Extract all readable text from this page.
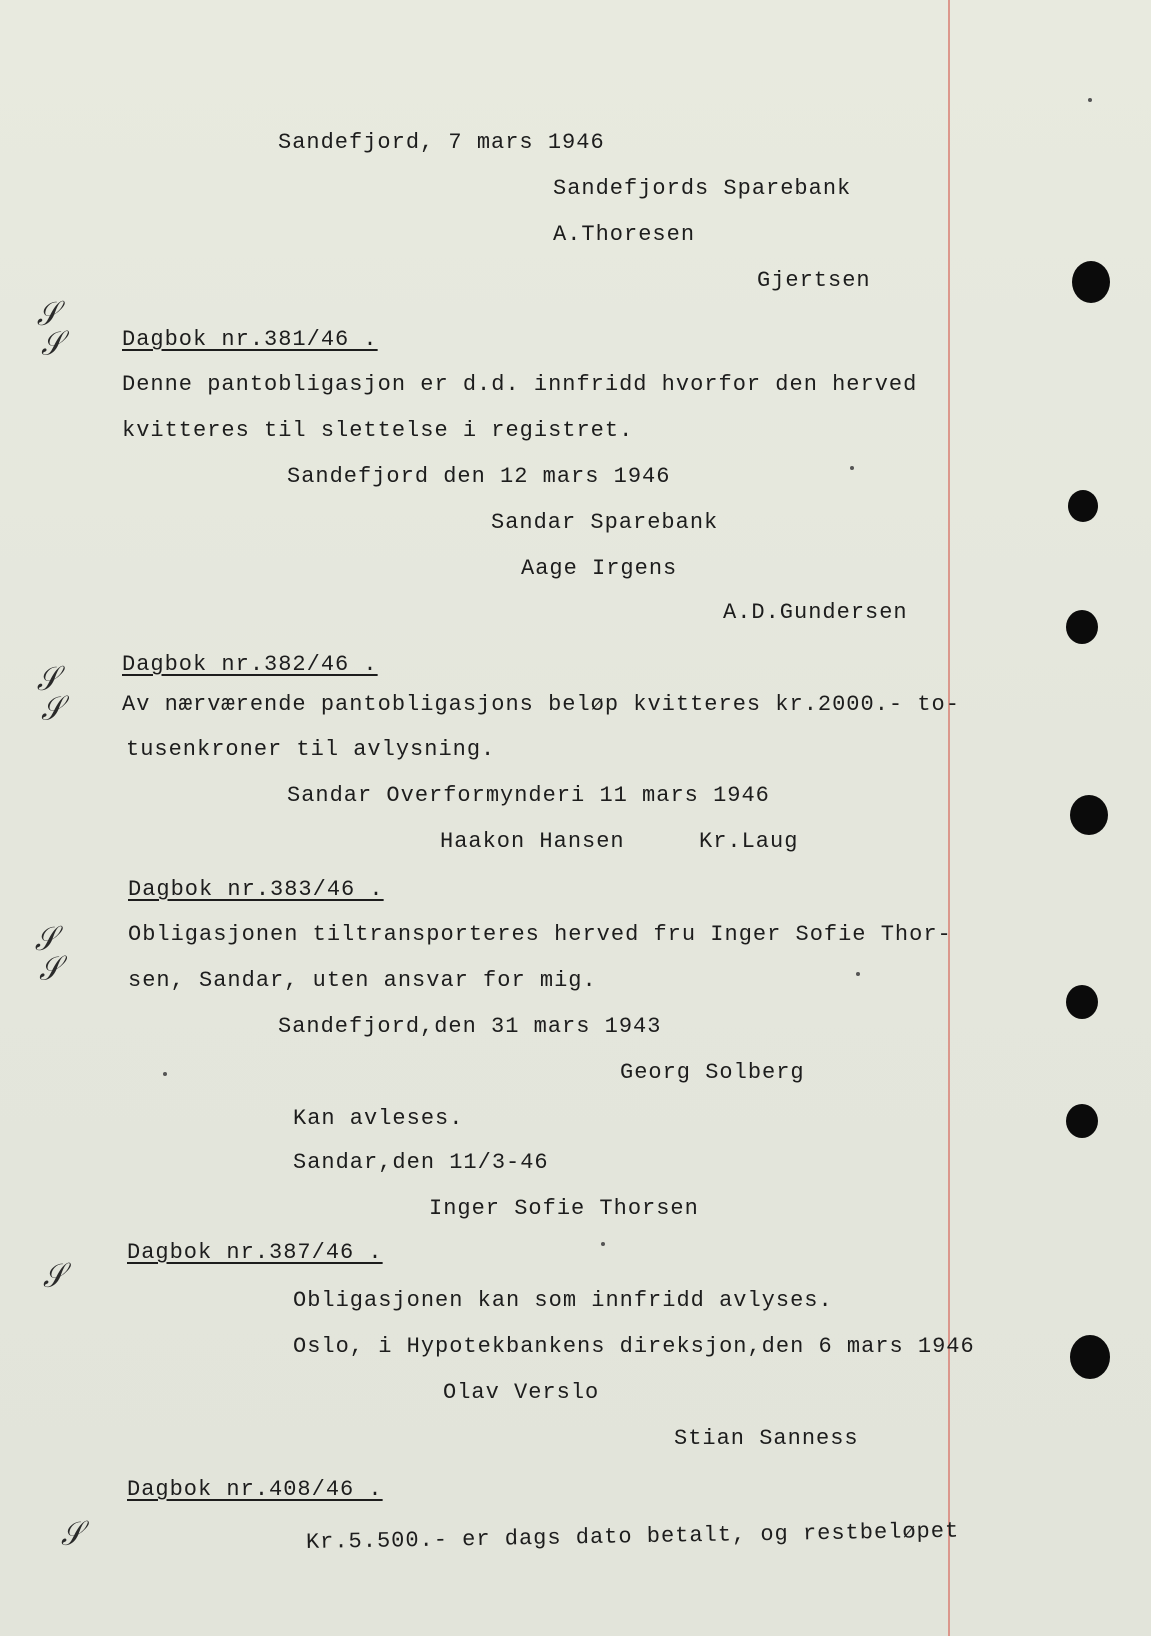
𝒮
𝒮
𝒮
𝒮
𝒮
𝒮
𝒮
𝒮
Sandefjord, 7 mars 1946
Sandefjords Sparebank
A.Thoresen
Gjertsen
Dagbok nr.381/46 .
Denne pantobligasjon er d.d. innfridd hvorfor den herved
kvitteres til slettelse i registret.
Sandefjord den 12 mars 1946
Sandar Sparebank
Aage Irgens
A.D.Gundersen
Dagbok nr.382/46 .
Av nærværende pantobligasjons beløp kvitteres kr.2000.- to-
tusenkroner til avlysning.
Sandar Overformynderi 11 mars 1946
Haakon Hansen	Kr.Laug
Dagbok nr.383/46 .
Obligasjonen tiltransporteres herved fru Inger Sofie Thor-
sen, Sandar, uten ansvar for mig.
Sandefjord,den 31 mars 1943
Georg Solberg
Kan avleses.
Sandar,den 11/3-46
Inger Sofie Thorsen
Dagbok nr.387/46 .
Obligasjonen kan som innfridd avlyses.
Oslo, i Hypotekbankens direksjon,den 6 mars 1946
Olav Verslo
Stian Sanness
Dagbok nr.408/46 .
Kr.5.500.- er dags dato betalt, og restbeløpet
